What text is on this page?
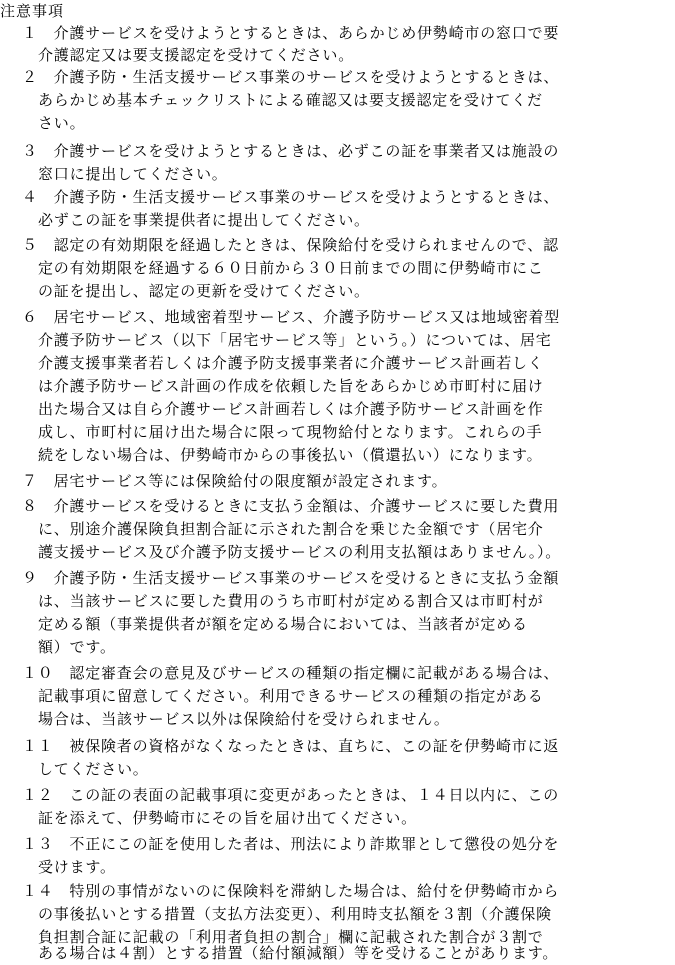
注意事項
１　介護サービスを受けようとするときは、あらかじめ伊勢崎市の窓口で要
介護認定又は要支援認定を受けてください。
２　介護予防・生活支援サービス事業のサービスを受けようとするときは、
あらかじめ基本チェックリストによる確認又は要支援認定を受けてくだ
さい。
３　介護サービスを受けようとするときは、必ずこの証を事業者又は施設の
窓口に提出してください。
４　介護予防・生活支援サービス事業のサービスを受けようとするときは、
必ずこの証を事業提供者に提出してください。
５　認定の有効期限を経過したときは、保険給付を受けられませんので、認
定の有効期限を経過する６０日前から３０日前までの間に伊勢崎市にこ
の証を提出し、認定の更新を受けてください。
６　居宅サービス、地域密着型サービス、介護予防サービス又は地域密着型
介護予防サービス（以下「居宅サービス等」という。）については、居宅
介護支援事業者若しくは介護予防支援事業者に介護サービス計画若しく
は介護予防サービス計画の作成を依頼した旨をあらかじめ市町村に届け
出た場合又は自ら介護サービス計画若しくは介護予防サービス計画を作
成し、市町村に届け出た場合に限って現物給付となります。これらの手
続をしない場合は、伊勢崎市からの事後払い（償還払い）になります。
７　居宅サービス等には保険給付の限度額が設定されます。
８　介護サービスを受けるときに支払う金額は、介護サービスに要した費用
に、別途介護保険負担割合証に示された割合を乗じた金額です（居宅介
護支援サービス及び介護予防支援サービスの利用支払額はありません。）。
９　介護予防・生活支援サービス事業のサービスを受けるときに支払う金額
は、当該サービスに要した費用のうち市町村が定める割合又は市町村が
定める額（事業提供者が額を定める場合においては、当該者が定める
額）です。
１０　認定審査会の意見及びサービスの種類の指定欄に記載がある場合は、
記載事項に留意してください。利用できるサービスの種類の指定がある
場合は、当該サービス以外は保険給付を受けられません。
１１　被保険者の資格がなくなったときは、直ちに、この証を伊勢崎市に返
してください。
１２　この証の表面の記載事項に変更があったときは、１４日以内に、この
証を添えて、伊勢崎市にその旨を届け出てください。
１３　不正にこの証を使用した者は、刑法により詐欺罪として懲役の処分を
受けます。
１４　特別の事情がないのに保険料を滞納した場合は、給付を伊勢崎市から
の事後払いとする措置（支払方法変更）、利用時支払額を３割（介護保険
負担割合証に記載の「利用者負担の割合」欄に記載された割合が３割で
ある場合は４割）とする措置（給付額減額）等を受けることがあります。
